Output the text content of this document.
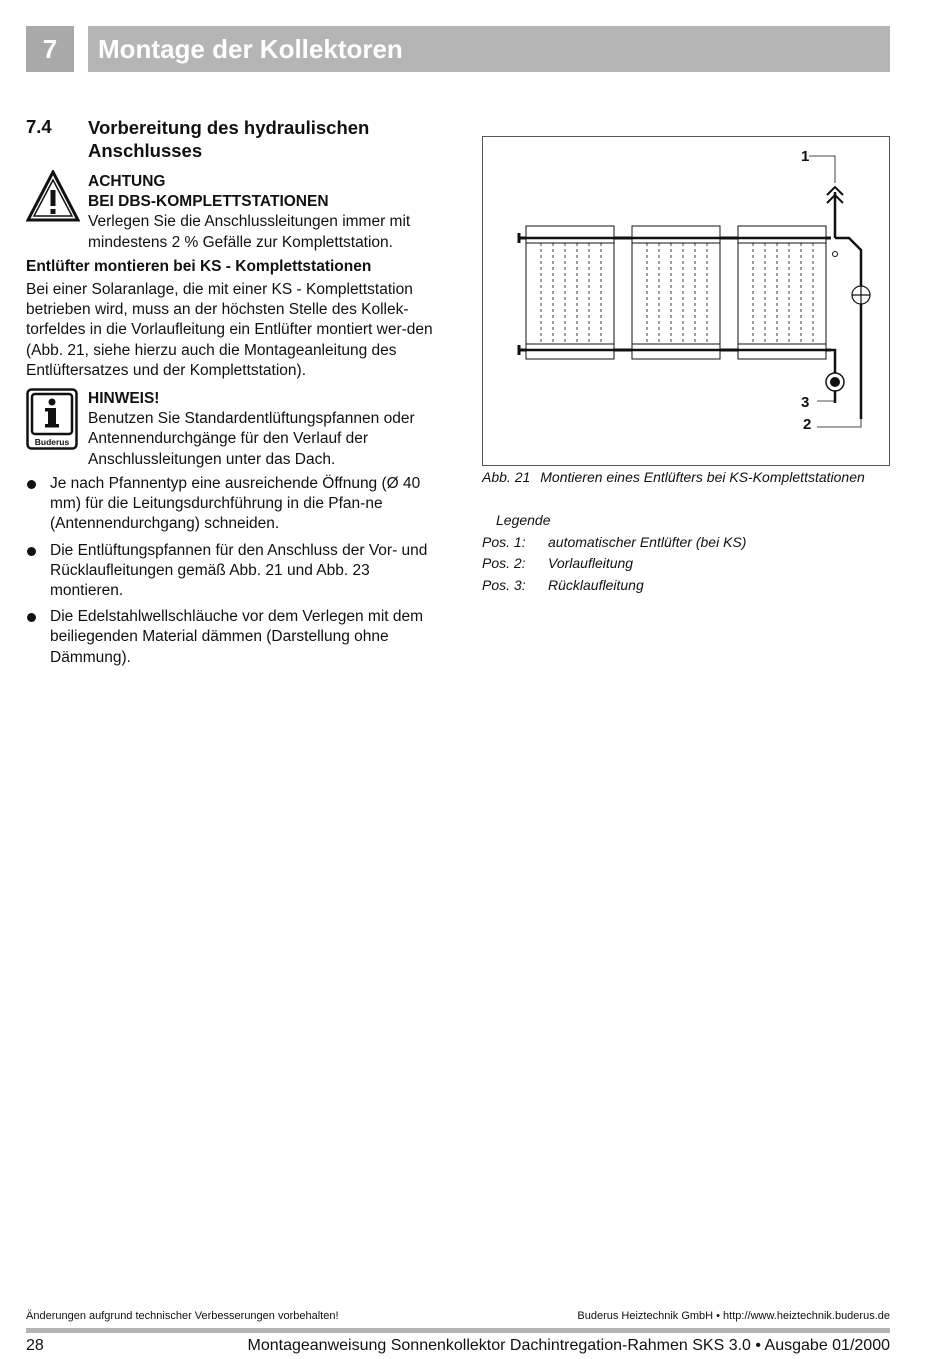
7	Montage der Kollektoren
7.4 Vorbereitung des hydraulischen Anschlusses
ACHTUNG
BEI DBS-KOMPLETTSTATIONEN
Verlegen Sie die Anschlussleitungen immer mit mindestens 2 % Gefälle zur Komplettstation.
Entlüfter montieren bei KS - Komplettstationen
Bei einer Solaranlage, die mit einer KS - Komplettstation betrieben wird, muss an der höchsten Stelle des Kollek-torfeldes in die Vorlaufleitung ein Entlüfter montiert wer-den (Abb. 21, siehe hierzu auch die Montageanleitung des Entlüftersatzes und der Komplettstation).
Buderus
HINWEIS!
Benutzen Sie Standardentlüftungspfannen oder Antennendurchgänge für den Verlauf der Anschlussleitungen unter das Dach.
Je nach Pfannentyp eine ausreichende Öffnung (Ø 40 mm) für die Leitungsdurchführung in die Pfan-ne (Antennendurchgang) schneiden.
Die Entlüftungspfannen für den Anschluss der Vor- und Rücklaufleitungen gemäß Abb. 21 und Abb. 23 montieren.
Die Edelstahlwellschläuche vor dem Verlegen mit dem beiliegenden Material dämmen (Darstellung ohne Dämmung).
1
3
2
Abb. 21 Montieren eines Entlüfters bei KS-Komplettstationen
Legende
Pos. 1: automatischer Entlüfter (bei KS)
Pos. 2: Vorlaufleitung
Pos. 3: Rücklaufleitung
Änderungen aufgrund technischer Verbesserungen vorbehalten!	Buderus Heiztechnik GmbH • http://www.heiztechnik.buderus.de
28	Montageanweisung Sonnenkollektor Dachintregation-Rahmen SKS 3.0 • Ausgabe 01/2000
